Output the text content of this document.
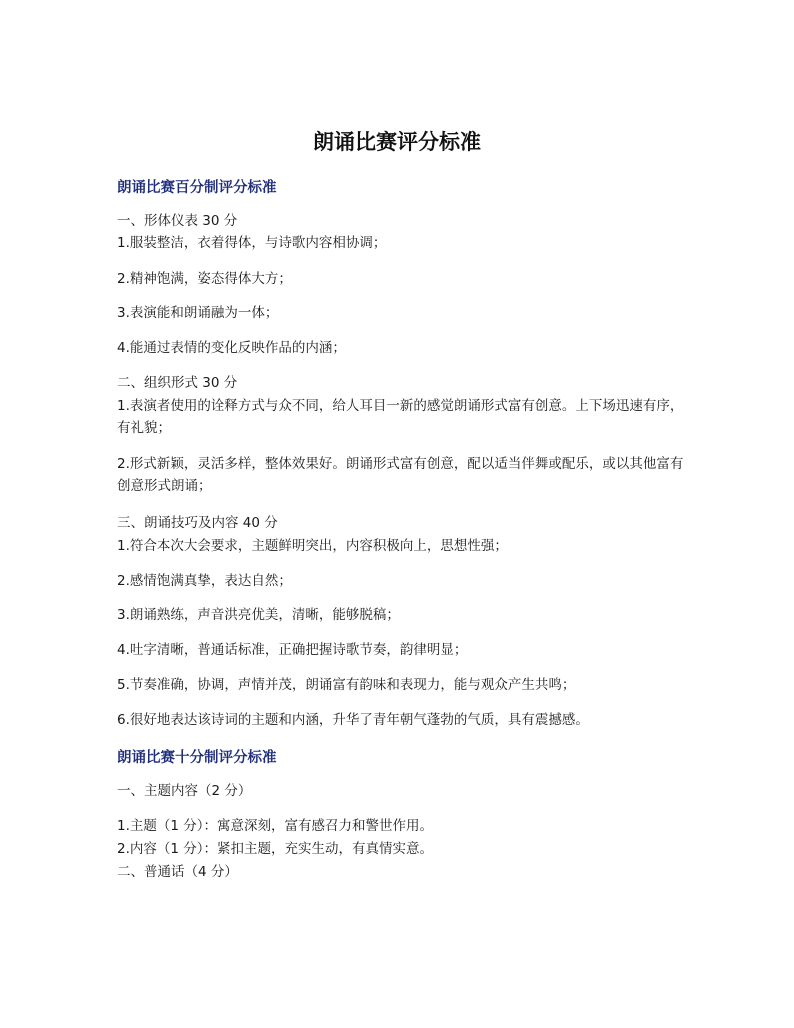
朗诵比赛评分标准
朗诵比赛百分制评分标准
一、形体仪表 30 分
1.服装整洁，衣着得体，与诗歌内容相协调；
2.精神饱满，姿态得体大方；
3.表演能和朗诵融为一体；
4.能通过表情的变化反映作品的内涵；
二、组织形式 30 分
1.表演者使用的诠释方式与众不同，给人耳目一新的感觉朗诵形式富有创意。上下场迅速有序，有礼貌；
2.形式新颖，灵活多样，整体效果好。朗诵形式富有创意，配以适当伴舞或配乐，或以其他富有创意形式朗诵；
三、朗诵技巧及内容 40 分
1.符合本次大会要求，主题鲜明突出，内容积极向上，思想性强；
2.感情饱满真挚，表达自然；
3.朗诵熟练，声音洪亮优美，清晰，能够脱稿；
4.吐字清晰，普通话标准，正确把握诗歌节奏，韵律明显；
5.节奏准确，协调，声情并茂，朗诵富有韵味和表现力，能与观众产生共鸣；
6.很好地表达该诗词的主题和内涵，升华了青年朝气蓬勃的气质，具有震撼感。
朗诵比赛十分制评分标准
一、主题内容（2 分）
1.主题（1 分）：寓意深刻，富有感召力和警世作用。
2.内容（1 分）：紧扣主题，充实生动，有真情实意。
二、普通话（4 分）
